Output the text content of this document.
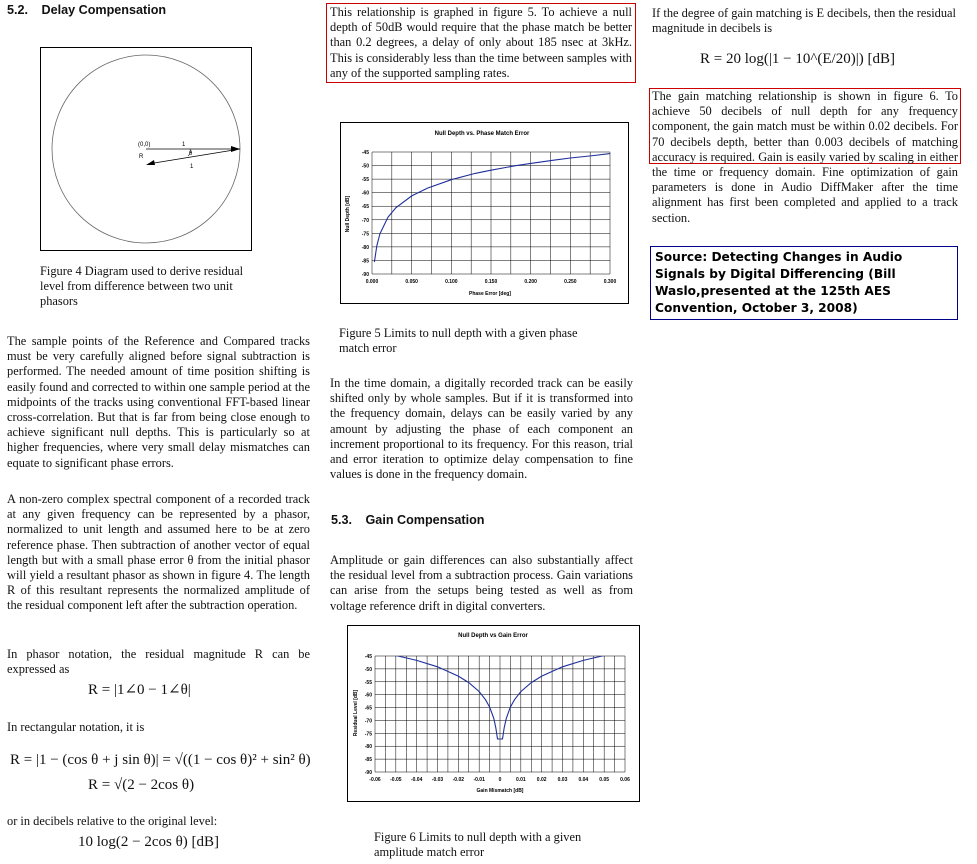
5.2. Delay Compensation
(0,0)
R
1
θ
1
Figure 4 Diagram used to derive residual level from difference between two unit phasors
The sample points of the Reference and Compared tracks must be very carefully aligned before signal subtraction is performed. The needed amount of time position shifting is easily found and corrected to within one sample period at the midpoints of the tracks using conventional FFT-based linear cross-correlation. But that is far from being close enough to achieve significant null depths. This is particularly so at higher frequencies, where very small delay mismatches can equate to significant phase errors.
A non-zero complex spectral component of a recorded track at any given frequency can be represented by a phasor, normalized to unit length and assumed here to be at zero reference phase. Then subtraction of another vector of equal length but with a small phase error θ from the initial phasor will yield a resultant phasor as shown in figure 4. The length R of this resultant represents the normalized amplitude of the residual component left after the subtraction operation.
In phasor notation, the residual magnitude R can be expressed as
R = |1∠0 − 1∠θ|
In rectangular notation, it is
R = |1 − (cos θ + j sin θ)| = √((1 − cos θ)² + sin² θ)
R = √(2 − 2cos θ)
or in decibels relative to the original level:
10 log(2 − 2cos θ) [dB]
This relationship is graphed in figure 5. To achieve a null depth of 50dB would require that the phase match be better than 0.2 degrees, a delay of only about 185 nsec at 3kHz. This is considerably less than the time between samples with any of the supported sampling rates.
Null Depth vs. Phase Match Error
Phase Error [deg]
Null Depth [dB]
0.000	0.050	0.100	0.150	0.200	0.250	0.300
-45
-50
-55
-60
-65
-70
-75
-80
-85
-90
Figure 5 Limits to null depth with a given phase match error
In the time domain, a digitally recorded track can be easily shifted only by whole samples. But if it is transformed into the frequency domain, delays can be easily varied by any amount by adjusting the phase of each component an increment proportional to its frequency. For this reason, trial and error iteration to optimize delay compensation to fine values is done in the frequency domain.
5.3. Gain Compensation
Amplitude or gain differences can also substantially affect the residual level from a subtraction process. Gain variations can arise from the setups being tested as well as from voltage reference drift in digital converters.
Null Depth vs Gain Error
Gain Mismatch [dB]
Residual Level [dB]
-0.06 -0.05 -0.04 -0.03 -0.02 -0.01	0	0.01 0.02 0.03 0.04 0.05 0.06
-45
-50
-55
-60
-65
-70
-75
-80
-85
-90
Figure 6 Limits to null depth with a given amplitude match error
If the degree of gain matching is E decibels, then the residual magnitude in decibels is
R = 20 log(|1 − 10^(E/20)|) [dB]
The gain matching relationship is shown in figure 6. To achieve 50 decibels of null depth for any frequency component, the gain match must be within 0.02 decibels. For 70 decibels depth, better than 0.003 decibels of matching accuracy is required. Gain is easily varied by scaling in either the time or frequency domain. Fine optimization of gain parameters is done in Audio DiffMaker after the time alignment has first been completed and applied to a track section.
Source: Detecting Changes in Audio Signals by Digital Differencing (Bill Waslo,presented at the 125th AES Convention, October 3, 2008)
